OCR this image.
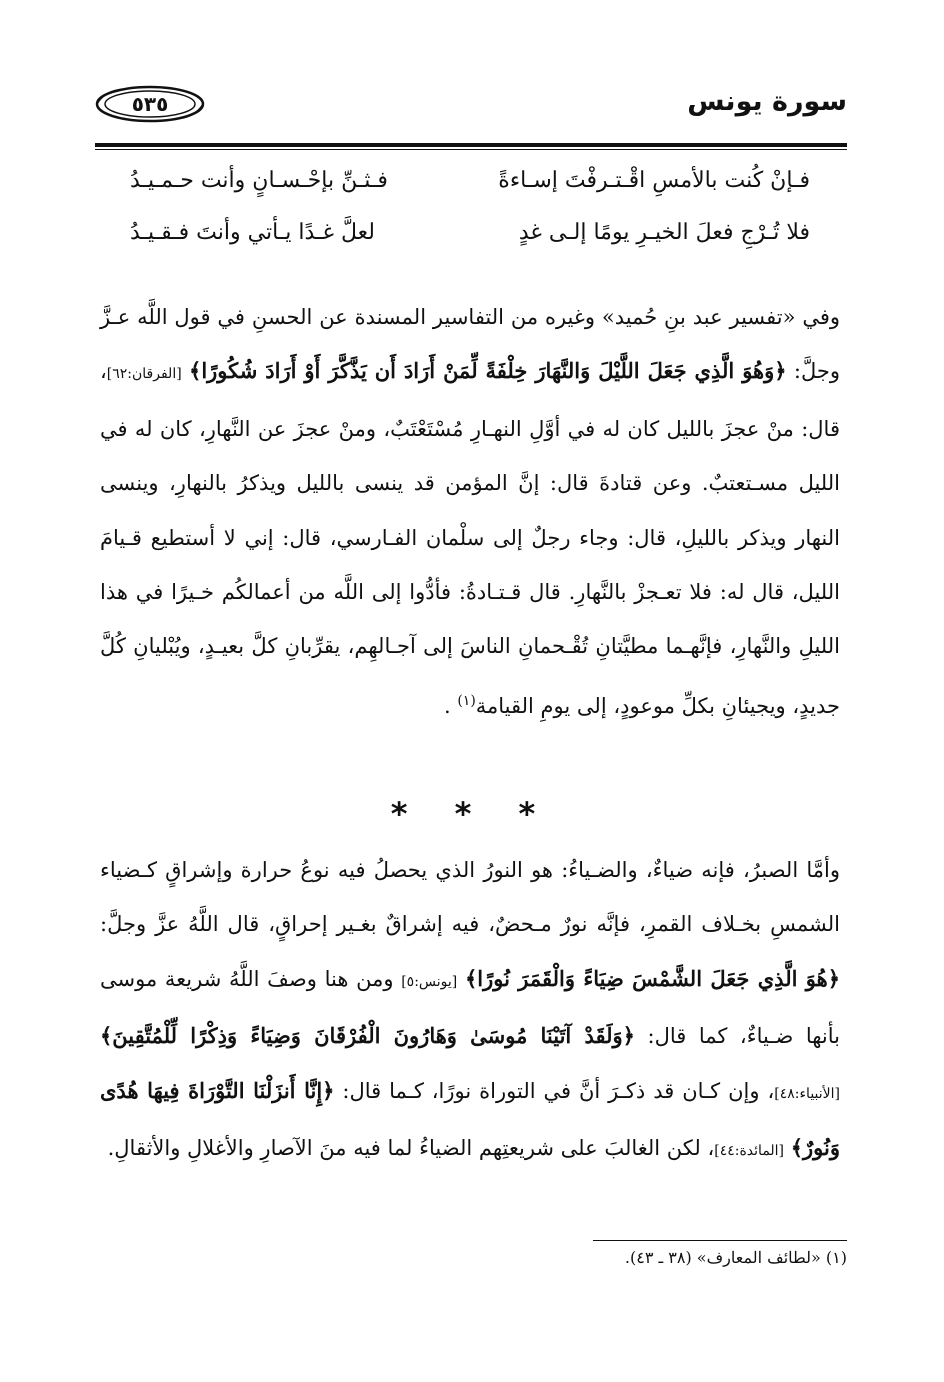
سورة يونس
٥٣٥
فـإنْ كُنت بالأمسِ اقْـتـرفْتَ إسـاءةً
فـثـنِّ بإحْـسـانٍ وأنت حـمـيـدُ
فلا تُـرْجِ فعلَ الخيـرِ يومًا إلـى غدٍ
لعلَّ غـدًا يـأتي وأنتَ فـقـيـدُ
وفي «تفسير عبد بنِ حُميد» وغيره من التفاسير المسندة عن الحسنِ في قول اللَّه عـزَّ وجلَّ: ﴿وَهُوَ الَّذِي جَعَلَ اللَّيْلَ وَالنَّهَارَ خِلْفَةً لِّمَنْ أَرَادَ أَن يَذَّكَّرَ أَوْ أَرَادَ شُكُورًا﴾ [الفرقان:٦٢]، قال: منْ عجزَ بالليل كان له في أوَّلِ النهـارِ مُسْتَعْتَبٌ، ومنْ عجزَ عن النَّهارِ، كان له في الليل مسـتعتبٌ. وعن قتادةَ قال: إنَّ المؤمن قد ينسى بالليل ويذكرُ بالنهارِ، وينسى النهار ويذكر بالليلِ، قال: وجاء رجلٌ إلى سلْمان الفـارسي، قال: إني لا أستطيع قـيامَ الليل، قال له: فلا تعـجزْ بالنَّهارِ. قال قـتـادةُ: فأدُّوا إلى اللَّه من أعمالكُم خـيرًا في هذا الليلِ والنَّهارِ، فإنَّهـما مطيَّتانِ تُقْـحمانِ الناسَ إلى آجـالهِم، يقرِّبانِ كلَّ بعيـدٍ، ويُبْليانِ كُلَّ جديدٍ، ويجيئانِ بكلِّ موعودٍ، إلى يومِ القيامة$^{(١)}$ .
* * *
وأمَّا الصبرُ، فإنه ضياءٌ، والضـياءُ: هو النورُ الذي يحصلُ فيه نوعُ حرارة وإشراقٍ كـضياء الشمسِ بخـلاف القمرِ، فإنَّه نورٌ مـحضٌ، فيه إشراقٌ بغـير إحراقٍ، قال اللَّهُ عزَّ وجلَّ: ﴿هُوَ الَّذِي جَعَلَ الشَّمْسَ ضِيَاءً وَالْقَمَرَ نُورًا﴾ [يونس:٥] ومن هنا وصفَ اللَّهُ شريعة موسى بأنها ضـياءٌ، كما قال: ﴿وَلَقَدْ آتَيْنَا مُوسَىٰ وَهَارُونَ الْفُرْقَانَ وَضِيَاءً وَذِكْرًا لِّلْمُتَّقِينَ﴾ [الأنبياء:٤٨]، وإن كـان قد ذكـرَ أنَّ في التوراة نورًا، كـما قال: ﴿إِنَّا أَنزَلْنَا التَّوْرَاةَ فِيهَا هُدًى وَنُورٌ﴾ [المائدة:٤٤]، لكن الغالبَ على شريعتِهم الضياءُ لما فيه منَ الآصارِ والأغلالِ والأثقالِ.
(١) «لطائف المعارف» (٣٨ ـ ٤٣).
